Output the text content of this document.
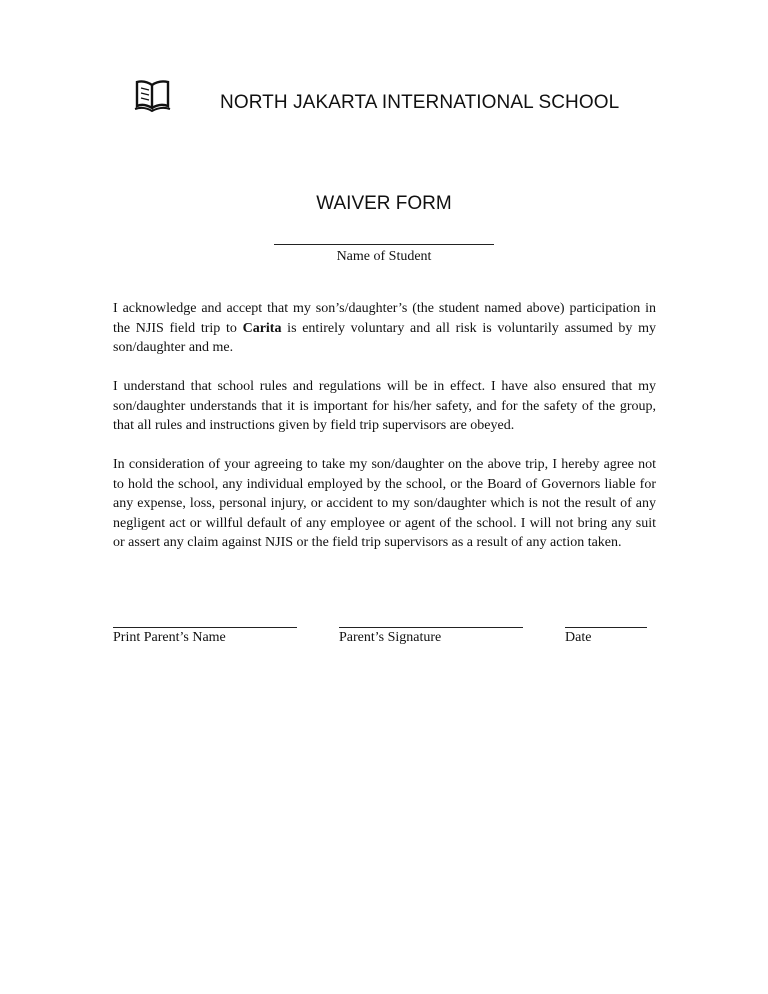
NORTH JAKARTA INTERNATIONAL SCHOOL
WAIVER FORM
Name of Student

I acknowledge and accept that my son’s/daughter’s (the student named above) participation in the NJIS field trip to Carita is entirely voluntary and all risk is voluntarily assumed by my son/daughter and me.

I understand that school rules and regulations will be in effect. I have also ensured that my son/daughter understands that it is important for his/her safety, and for the safety of the group, that all rules and instructions given by field trip supervisors are obeyed.

In consideration of your agreeing to take my son/daughter on the above trip, I hereby agree not to hold the school, any individual employed by the school, or the Board of Governors liable for any expense, loss, personal injury, or accident to my son/daughter which is not the result of any negligent act or willful default of any employee or agent of the school. I will not bring any suit or assert any claim against NJIS or the field trip supervisors as a result of any action taken.

Print Parent’s Name	Parent’s Signature	Date
